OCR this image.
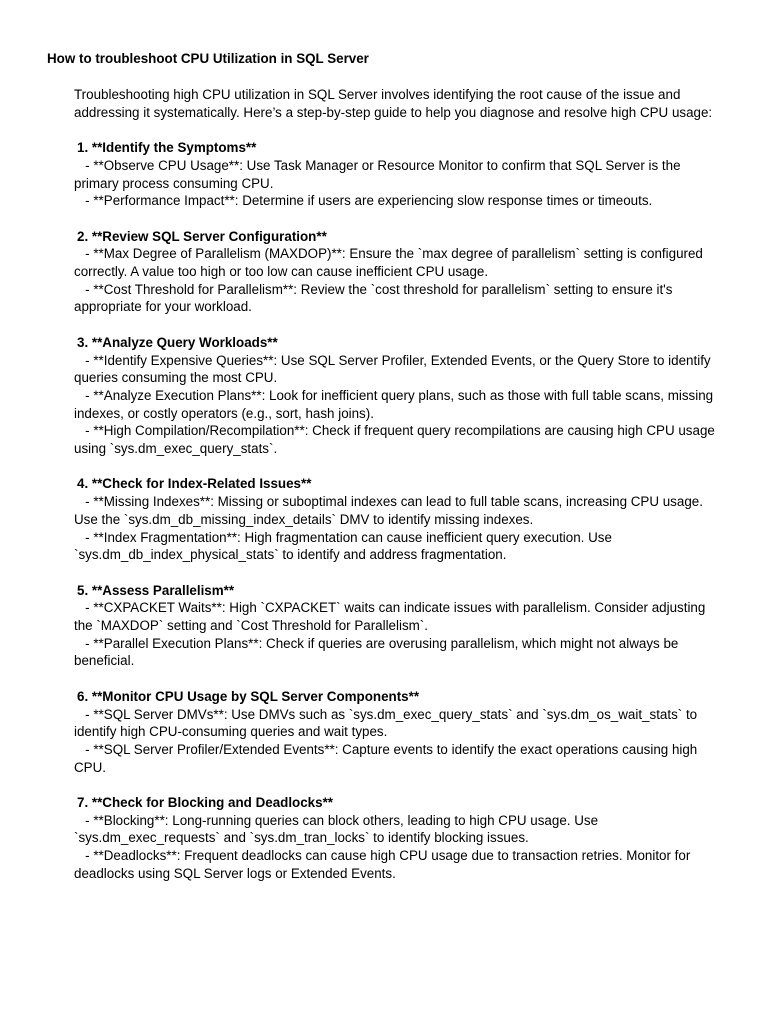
How to troubleshoot CPU Utilization in SQL Server

Troubleshooting high CPU utilization in SQL Server involves identifying the root cause of the issue and addressing it systematically. Here’s a step-by-step guide to help you diagnose and resolve high CPU usage:

1. **Identify the Symptoms**

- **Observe CPU Usage**: Use Task Manager or Resource Monitor to confirm that SQL Server is the primary process consuming CPU.

- **Performance Impact**: Determine if users are experiencing slow response times or timeouts.

2. **Review SQL Server Configuration**

- **Max Degree of Parallelism (MAXDOP)**: Ensure the `max degree of parallelism` setting is configured correctly. A value too high or too low can cause inefficient CPU usage.

- **Cost Threshold for Parallelism**: Review the `cost threshold for parallelism` setting to ensure it's appropriate for your workload.

3. **Analyze Query Workloads**

- **Identify Expensive Queries**: Use SQL Server Profiler, Extended Events, or the Query Store to identify queries consuming the most CPU.

- **Analyze Execution Plans**: Look for inefficient query plans, such as those with full table scans, missing indexes, or costly operators (e.g., sort, hash joins).

- **High Compilation/Recompilation**: Check if frequent query recompilations are causing high CPU usage using `sys.dm_exec_query_stats`.

4. **Check for Index-Related Issues**

- **Missing Indexes**: Missing or suboptimal indexes can lead to full table scans, increasing CPU usage. Use the `sys.dm_db_missing_index_details` DMV to identify missing indexes.

- **Index Fragmentation**: High fragmentation can cause inefficient query execution. Use `sys.dm_db_index_physical_stats` to identify and address fragmentation.

5. **Assess Parallelism**

- **CXPACKET Waits**: High `CXPACKET` waits can indicate issues with parallelism. Consider adjusting the `MAXDOP` setting and `Cost Threshold for Parallelism`.

- **Parallel Execution Plans**: Check if queries are overusing parallelism, which might not always be beneficial.

6. **Monitor CPU Usage by SQL Server Components**

- **SQL Server DMVs**: Use DMVs such as `sys.dm_exec_query_stats` and `sys.dm_os_wait_stats` to identify high CPU-consuming queries and wait types.

- **SQL Server Profiler/Extended Events**: Capture events to identify the exact operations causing high CPU.

7. **Check for Blocking and Deadlocks**

- **Blocking**: Long-running queries can block others, leading to high CPU usage. Use `sys.dm_exec_requests` and `sys.dm_tran_locks` to identify blocking issues.

- **Deadlocks**: Frequent deadlocks can cause high CPU usage due to transaction retries. Monitor for deadlocks using SQL Server logs or Extended Events.
